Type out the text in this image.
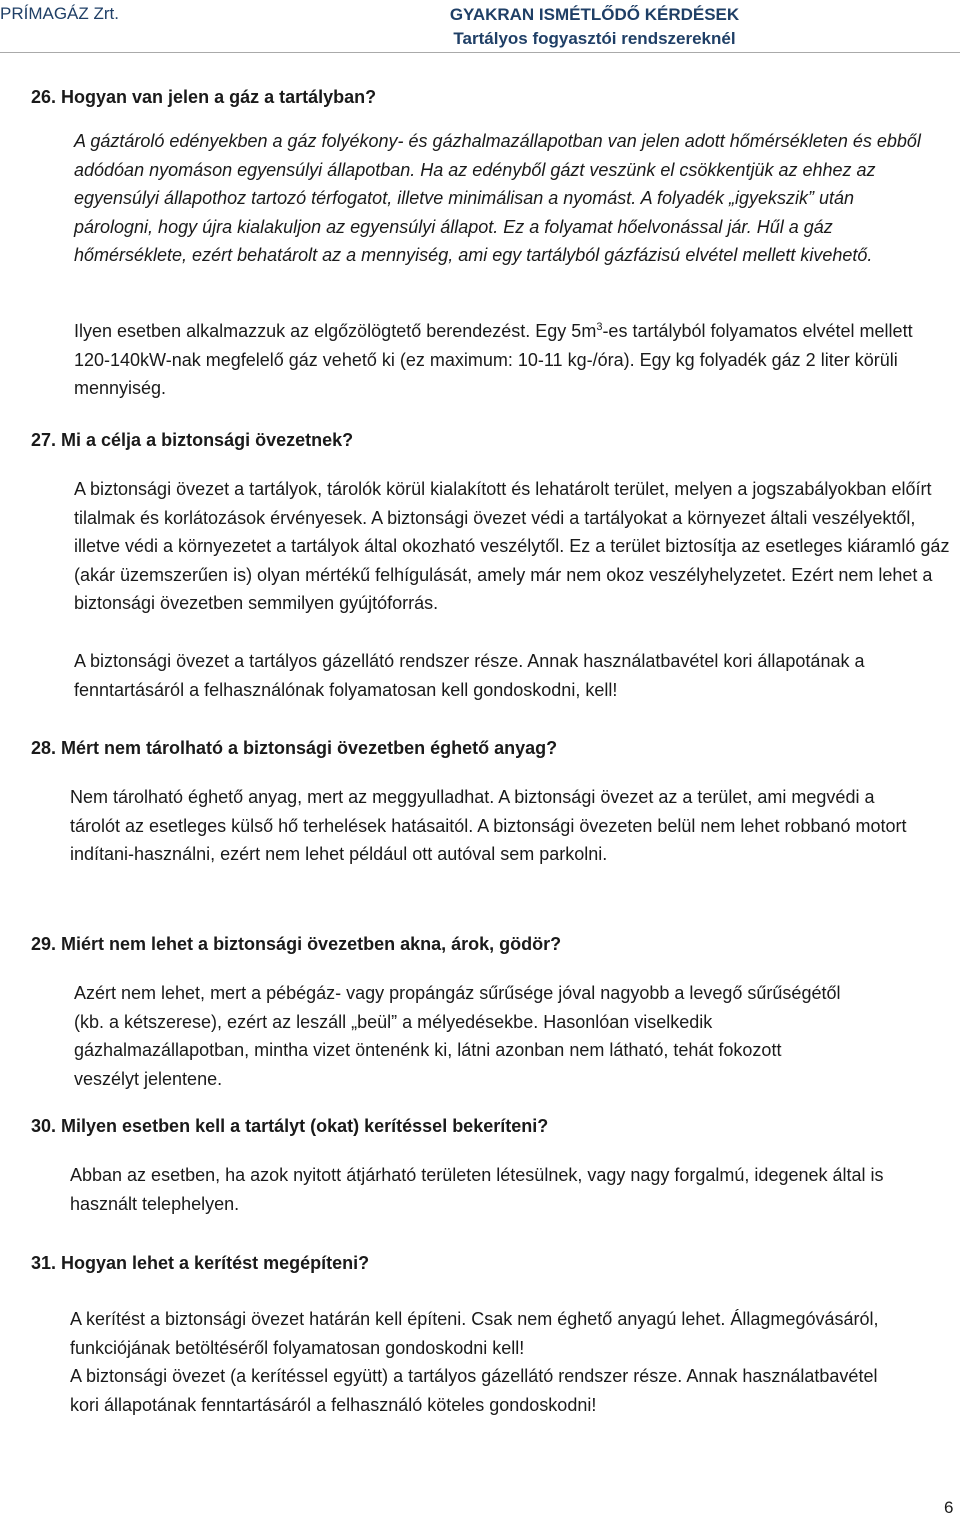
PRÍMAGÁZ Zrt.	GYAKRAN ISMÉTLŐDŐ KÉRDÉSEK
Tartályos fogyasztói rendszereknél
26. Hogyan van jelen a gáz a tartályban?

A gáztároló edényekben a gáz folyékony- és gázhalmazállapotban van jelen adott hőmérsékleten és ebből adódóan nyomáson egyensúlyi állapotban. Ha az edényből gázt veszünk el csökkentjük az ehhez az egyensúlyi állapothoz tartozó térfogatot, illetve minimálisan a nyomást. A folyadék „igyekszik” után párologni, hogy újra kialakuljon az egyensúlyi állapot. Ez a folyamat hőelvonással jár. Hűl a gáz hőmérséklete, ezért behatárolt az a mennyiség, ami egy tartályból gázfázisú elvétel mellett kivehető.

Ilyen esetben alkalmazzuk az elgőzölögtető berendezést. Egy $5m^3-es$ tartályból folyamatos elvétel mellett 120-140kW-nak megfelelő gáz vehető ki (ez maximum: 10-11 kg-/óra). Egy kg folyadék gáz 2 liter körüli mennyiség.

27. Mi a célja a biztonsági övezetnek?

A biztonsági övezet a tartályok, tárolók körül kialakított és lehatárolt terület, melyen a jogszabályokban előírt tilalmak és korlátozások érvényesek. A biztonsági övezet védi a tartályokat a környezet általi veszélyektől, illetve védi a környezetet a tartályok által okozható veszélytől. Ez a terület biztosítja az esetleges kiáramló gáz (akár üzemszerűen is) olyan mértékű felhígulását, amely már nem okoz veszélyhelyzetet. Ezért nem lehet a biztonsági övezetben semmilyen gyújtóforrás.

A biztonsági övezet a tartályos gázellátó rendszer része. Annak használatbavétel kori állapotának a fenntartásáról a felhasználónak folyamatosan kell gondoskodni, kell!

28. Mért nem tárolható a biztonsági övezetben éghető anyag?

Nem tárolható éghető anyag, mert az meggyulladhat. A biztonsági övezet az a terület, ami megvédi a tárolót az esetleges külső hő terhelések hatásaitól. A biztonsági övezeten belül nem lehet robbanó motort indítani-használni, ezért nem lehet például ott autóval sem parkolni.

29. Miért nem lehet a biztonsági övezetben akna, árok, gödör?

Azért nem lehet, mert a pébégáz- vagy propángáz sűrűsége jóval nagyobb a levegő sűrűségétől (kb. a kétszerese), ezért az leszáll „beül” a mélyedésekbe. Hasonlóan viselkedik gázhalmazállapotban, mintha vizet öntenénk ki, látni azonban nem látható, tehát fokozott veszélyt jelentene.

30. Milyen esetben kell a tartályt (okat) kerítéssel bekeríteni?

Abban az esetben, ha azok nyitott átjárható területen létesülnek, vagy nagy forgalmú, idegenek által is használt telephelyen.

31. Hogyan lehet a kerítést megépíteni?

A kerítést a biztonsági övezet határán kell építeni. Csak nem éghető anyagú lehet. Állagmegóvásáról, funkciójának betöltéséről folyamatosan gondoskodni kell!

A biztonsági övezet (a kerítéssel együtt) a tartályos gázellátó rendszer része. Annak használatbavétel kori állapotának fenntartásáról a felhasználó köteles gondoskodni!

6
